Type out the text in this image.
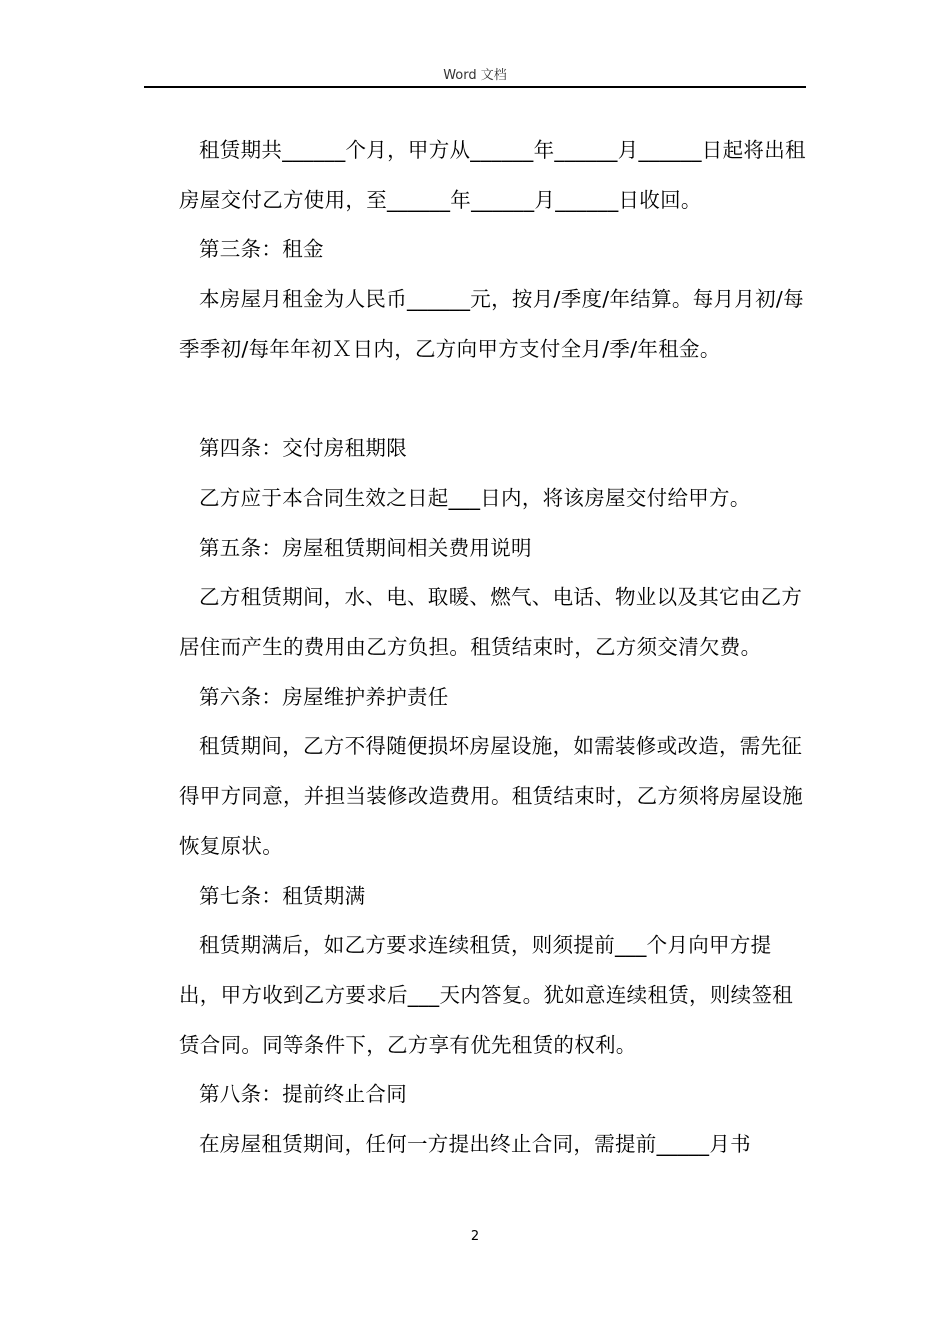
Word 文档

租赁期共______个月，甲方从______年______月______日起将出租房屋交付乙方使用，至______年______月______日收回。

第三条：租金

本房屋月租金为人民币______元，按月/季度/年结算。每月月初/每季季初/每年年初Ｘ日内，乙方向甲方支付全月/季/年租金。

第四条：交付房租期限

乙方应于本合同生效之日起___日内，将该房屋交付给甲方。

第五条：房屋租赁期间相关费用说明

乙方租赁期间，水、电、取暖、燃气、电话、物业以及其它由乙方居住而产生的费用由乙方负担。租赁结束时，乙方须交清欠费。

第六条：房屋维护养护责任

租赁期间，乙方不得随便损坏房屋设施，如需装修或改造，需先征得甲方同意，并担当装修改造费用。租赁结束时，乙方须将房屋设施恢复原状。

第七条：租赁期满

租赁期满后，如乙方要求连续租赁，则须提前___个月向甲方提出，甲方收到乙方要求后___天内答复。犹如意连续租赁，则续签租赁合同。同等条件下，乙方享有优先租赁的权利。

第八条：提前终止合同

在房屋租赁期间，任何一方提出终止合同，需提前_____月书

2
